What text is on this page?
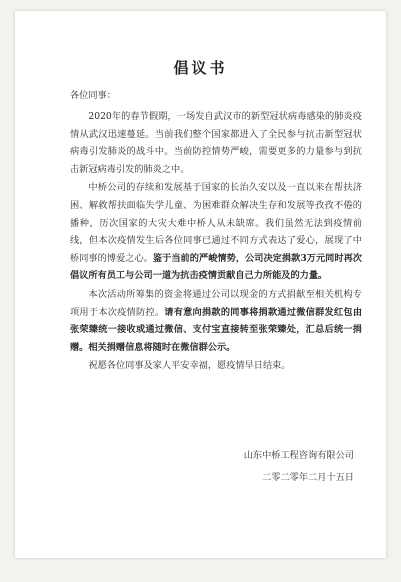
倡议书

各位同事：

2020年的春节假期，一场发自武汉市的新型冠状病毒感染的肺炎疫情从武汉迅速蔓延。当前我们整个国家都进入了全民参与抗击新型冠状病毒引发肺炎的战斗中。当前防控情势严峻，需要更多的力量参与到抗击新冠病毒引发的肺炎之中。

中桥公司的存续和发展基于国家的长治久安以及一直以来在帮扶济困、解救帮扶面临失学儿童、为困难群众解决生存和发展等孜孜不倦的播种，历次国家的大灾大难中桥人从未缺席。我们虽然无法到疫情前线，但本次疫情发生后各位同事已通过不同方式表达了爱心，展现了中桥同事的博爱之心。鉴于当前的严峻情势，公司决定捐款3万元同时再次倡议所有员工与公司一道为抗击疫情贡献自己力所能及的力量。

本次活动所筹集的资金将通过公司以现金的方式捐献至相关机构专项用于本次疫情防控。请有意向捐款的同事将捐款通过微信群发红包由张荣臻统一接收或通过微信、支付宝直接转至张荣臻处，汇总后统一捐赠。相关捐赠信息将随时在微信群公示。

祝愿各位同事及家人平安幸福，愿疫情早日结束。

山东中桥工程咨询有限公司
二零二零年二月十五日
